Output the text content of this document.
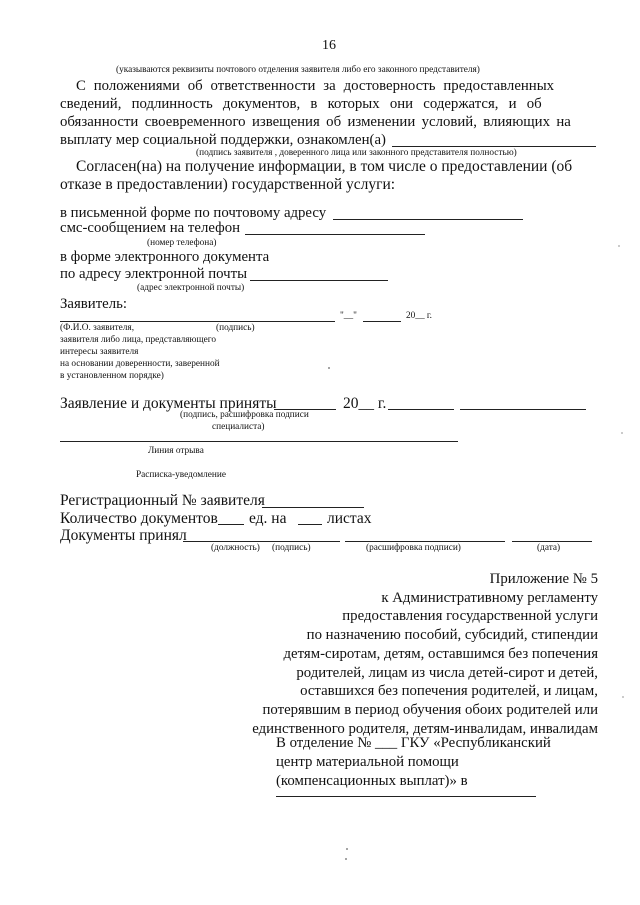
16
(указываются реквизиты почтового отделения заявителя либо его законного представителя)
С положениями об ответственности за достоверность предоставленных
сведений, подлинность документов, в которых они содержатся, и об
обязанности своевременного извещения об изменении условий, влияющих на
выплату мер социальной поддержки, ознакомлен(а)
(подпись заявителя , доверенного лица или законного представителя полностью)
Согласен(на) на получение информации, в том числе о предоставлении (об
отказе в предоставлении) государственной услуги:
в письменной форме по почтовому адресу
смс-сообщением на телефон
(номер телефона)
в форме электронного документа
по адресу электронной почты
(адрес электронной почты)
Заявитель:
"__"	20__ г.
(Ф.И.О. заявителя,	(подпись)
заявителя либо лица, представляющего
интересы заявителя
на основании доверенности, заверенной
в установленном порядке)
Заявление и документы приняты	20__ г.
(подпись, расшифровка подписи
специалиста)
Линия отрыва
Расписка-уведомление
Регистрационный № заявителя
Количество документов ед. на	листах
Документы принял
(должность) (подпись)	(расшифровка подписи)	(дата)
Приложение № 5
к Административному регламенту
предоставления государственной услуги
по назначению пособий, субсидий, стипендии
детям-сиротам, детям, оставшимся без попечения
родителей, лицам из числа детей-сирот и детей,
оставшихся без попечения родителей, и лицам,
потерявшим в период обучения обоих родителей или
единственного родителя, детям-инвалидам, инвалидам
В отделение № ___ ГКУ «Республиканский
центр материальной помощи
(компенсационных выплат)» в
